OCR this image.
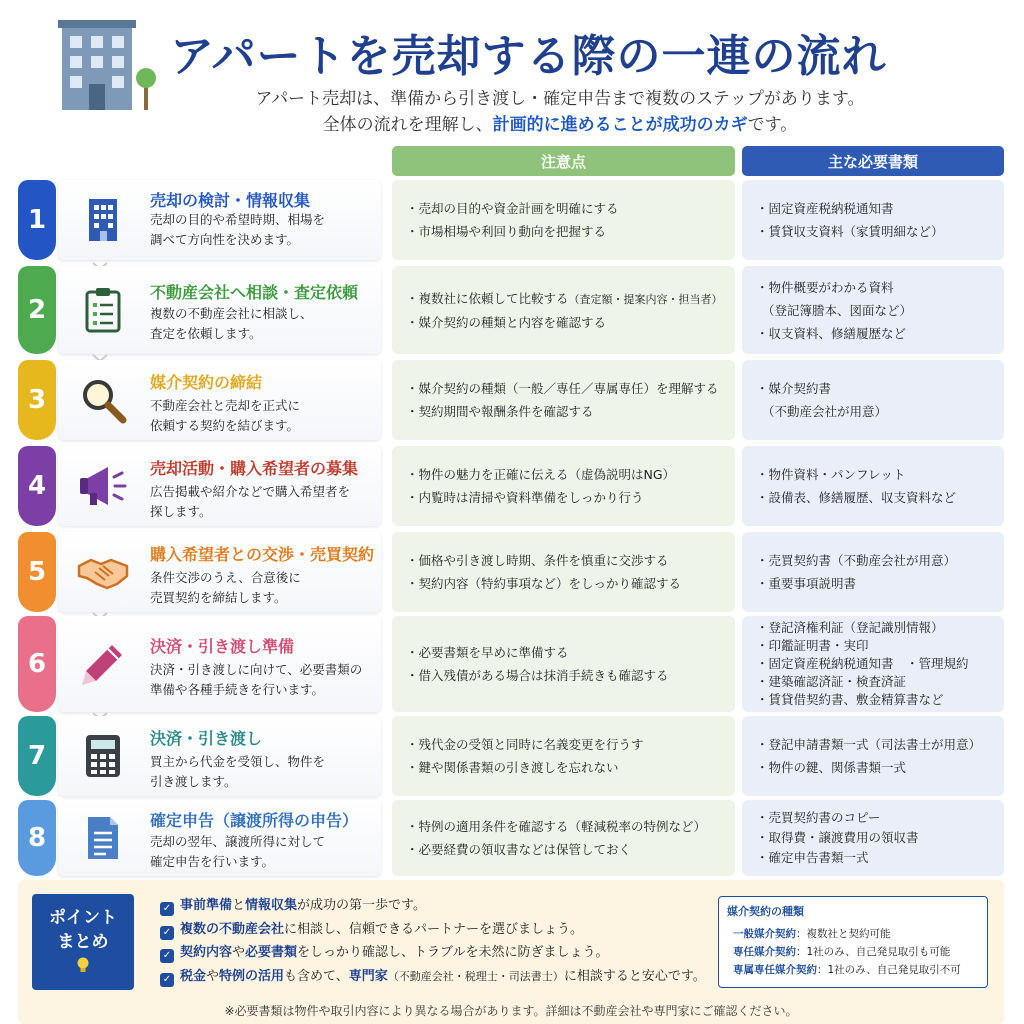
アパートを売却する際の一連の流れ
アパート売却は、準備から引き渡し・確定申告まで複数のステップがあります。
全体の流れを理解し、計画的に進めることが成功のカギです。
注意点	主な必要書類
1
売却の検討・情報収集
売却の目的や希望時期、相場を
調べて方向性を決めます。
・売却の目的や資金計画を明確にする
・市場相場や利回り動向を把握する
・固定資産税納税通知書
・賃貸収支資料（家賃明細など）
2
不動産会社へ相談・査定依頼
複数の不動産会社に相談し、
査定を依頼します。
・複数社に依頼して比較する（査定額・提案内容・担当者）
・媒介契約の種類と内容を確認する
・物件概要がわかる資料
（登記簿謄本、図面など）
・収支資料、修繕履歴など
3
媒介契約の締結
不動産会社と売却を正式に
依頼する契約を結びます。
・媒介契約の種類（一般／専任／専属専任）を理解する
・契約期間や報酬条件を確認する
・媒介契約書
（不動産会社が用意）
4
売却活動・購入希望者の募集
広告掲載や紹介などで購入希望者を
探します。
・物件の魅力を正確に伝える（虚偽説明はNG）
・内覧時は清掃や資料準備をしっかり行う
・物件資料・パンフレット
・設備表、修繕履歴、収支資料など
5
購入希望者との交渉・売買契約
条件交渉のうえ、合意後に
売買契約を締結します。
・価格や引き渡し時期、条件を慎重に交渉する
・契約内容（特約事項など）をしっかり確認する
・売買契約書（不動産会社が用意）
・重要事項説明書
6
決済・引き渡し準備
決済・引き渡しに向けて、必要書類の
準備や各種手続きを行います。
・必要書類を早めに準備する
・借入残債がある場合は抹消手続きも確認する
・登記済権利証（登記識別情報）
・印鑑証明書・実印
・固定資産税納税通知書　・管理規約
・建築確認済証・検査済証
・賃貸借契約書、敷金精算書など
7
決済・引き渡し
買主から代金を受領し、物件を
引き渡します。
・残代金の受領と同時に名義変更を行うす
・鍵や関係書類の引き渡しを忘れない
・登記申請書類一式（司法書士が用意）
・物件の鍵、関係書類一式
8
確定申告（譲渡所得の申告）
売却の翌年、譲渡所得に対して
確定申告を行います。
・特例の適用条件を確認する（軽減税率の特例など）
・必要経費の領収書などは保管しておく
・売買契約書のコピー
・取得費・譲渡費用の領収書
・確定申告書類一式
ポイント
まとめ
✓ 事前準備と情報収集が成功の第一歩です。
✓ 複数の不動産会社に相談し、信頼できるパートナーを選びましょう。
✓ 契約内容や必要書類をしっかり確認し、トラブルを未然に防ぎましょう。
✓ 税金や特例の活用も含めて、専門家（不動産会社・税理士・司法書士）に相談すると安心です。
媒介契約の種類
一般媒介契約：複数社と契約可能
専任媒介契約：1社のみ、自己発見取引も可能
専属専任媒介契約：1社のみ、自己発見取引不可
※必要書類は物件や取引内容により異なる場合があります。詳細は不動産会社や専門家にご確認ください。
